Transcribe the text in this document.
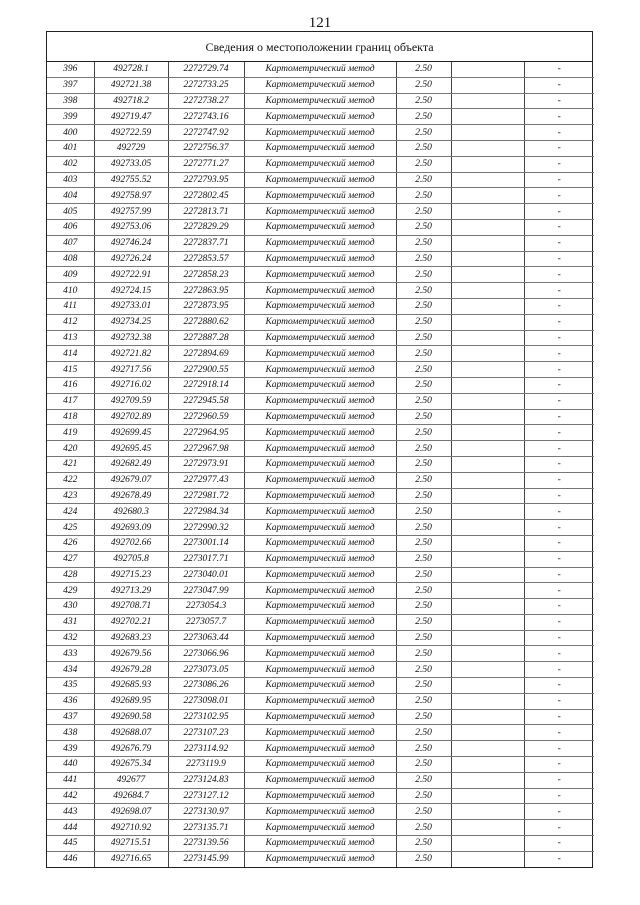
121
Сведения о местоположении границ объекта
396	492728.1	2272729.74	Картометрический метод	2.50		-
397	492721.38	2272733.25	Картометрический метод	2.50		-
398	492718.2	2272738.27	Картометрический метод	2.50		-
399	492719.47	2272743.16	Картометрический метод	2.50		-
400	492722.59	2272747.92	Картометрический метод	2.50		-
401	492729	2272756.37	Картометрический метод	2.50		-
402	492733.05	2272771.27	Картометрический метод	2.50		-
403	492755.52	2272793.95	Картометрический метод	2.50		-
404	492758.97	2272802.45	Картометрический метод	2.50		-
405	492757.99	2272813.71	Картометрический метод	2.50		-
406	492753.06	2272829.29	Картометрический метод	2.50		-
407	492746.24	2272837.71	Картометрический метод	2.50		-
408	492726.24	2272853.57	Картометрический метод	2.50		-
409	492722.91	2272858.23	Картометрический метод	2.50		-
410	492724.15	2272863.95	Картометрический метод	2.50		-
411	492733.01	2272873.95	Картометрический метод	2.50		-
412	492734.25	2272880.62	Картометрический метод	2.50		-
413	492732.38	2272887.28	Картометрический метод	2.50		-
414	492721.82	2272894.69	Картометрический метод	2.50		-
415	492717.56	2272900.55	Картометрический метод	2.50		-
416	492716.02	2272918.14	Картометрический метод	2.50		-
417	492709.59	2272945.58	Картометрический метод	2.50		-
418	492702.89	2272960.59	Картометрический метод	2.50		-
419	492699.45	2272964.95	Картометрический метод	2.50		-
420	492695.45	2272967.98	Картометрический метод	2.50		-
421	492682.49	2272973.91	Картометрический метод	2.50		-
422	492679.07	2272977.43	Картометрический метод	2.50		-
423	492678.49	2272981.72	Картометрический метод	2.50		-
424	492680.3	2272984.34	Картометрический метод	2.50		-
425	492693.09	2272990.32	Картометрический метод	2.50		-
426	492702.66	2273001.14	Картометрический метод	2.50		-
427	492705.8	2273017.71	Картометрический метод	2.50		-
428	492715.23	2273040.01	Картометрический метод	2.50		-
429	492713.29	2273047.99	Картометрический метод	2.50		-
430	492708.71	2273054.3	Картометрический метод	2.50		-
431	492702.21	2273057.7	Картометрический метод	2.50		-
432	492683.23	2273063.44	Картометрический метод	2.50		-
433	492679.56	2273066.96	Картометрический метод	2.50		-
434	492679.28	2273073.05	Картометрический метод	2.50		-
435	492685.93	2273086.26	Картометрический метод	2.50		-
436	492689.95	2273098.01	Картометрический метод	2.50		-
437	492690.58	2273102.95	Картометрический метод	2.50		-
438	492688.07	2273107.23	Картометрический метод	2.50		-
439	492676.79	2273114.92	Картометрический метод	2.50		-
440	492675.34	2273119.9	Картометрический метод	2.50		-
441	492677	2273124.83	Картометрический метод	2.50		-
442	492684.7	2273127.12	Картометрический метод	2.50		-
443	492698.07	2273130.97	Картометрический метод	2.50		-
444	492710.92	2273135.71	Картометрический метод	2.50		-
445	492715.51	2273139.56	Картометрический метод	2.50		-
446	492716.65	2273145.99	Картометрический метод	2.50		-
